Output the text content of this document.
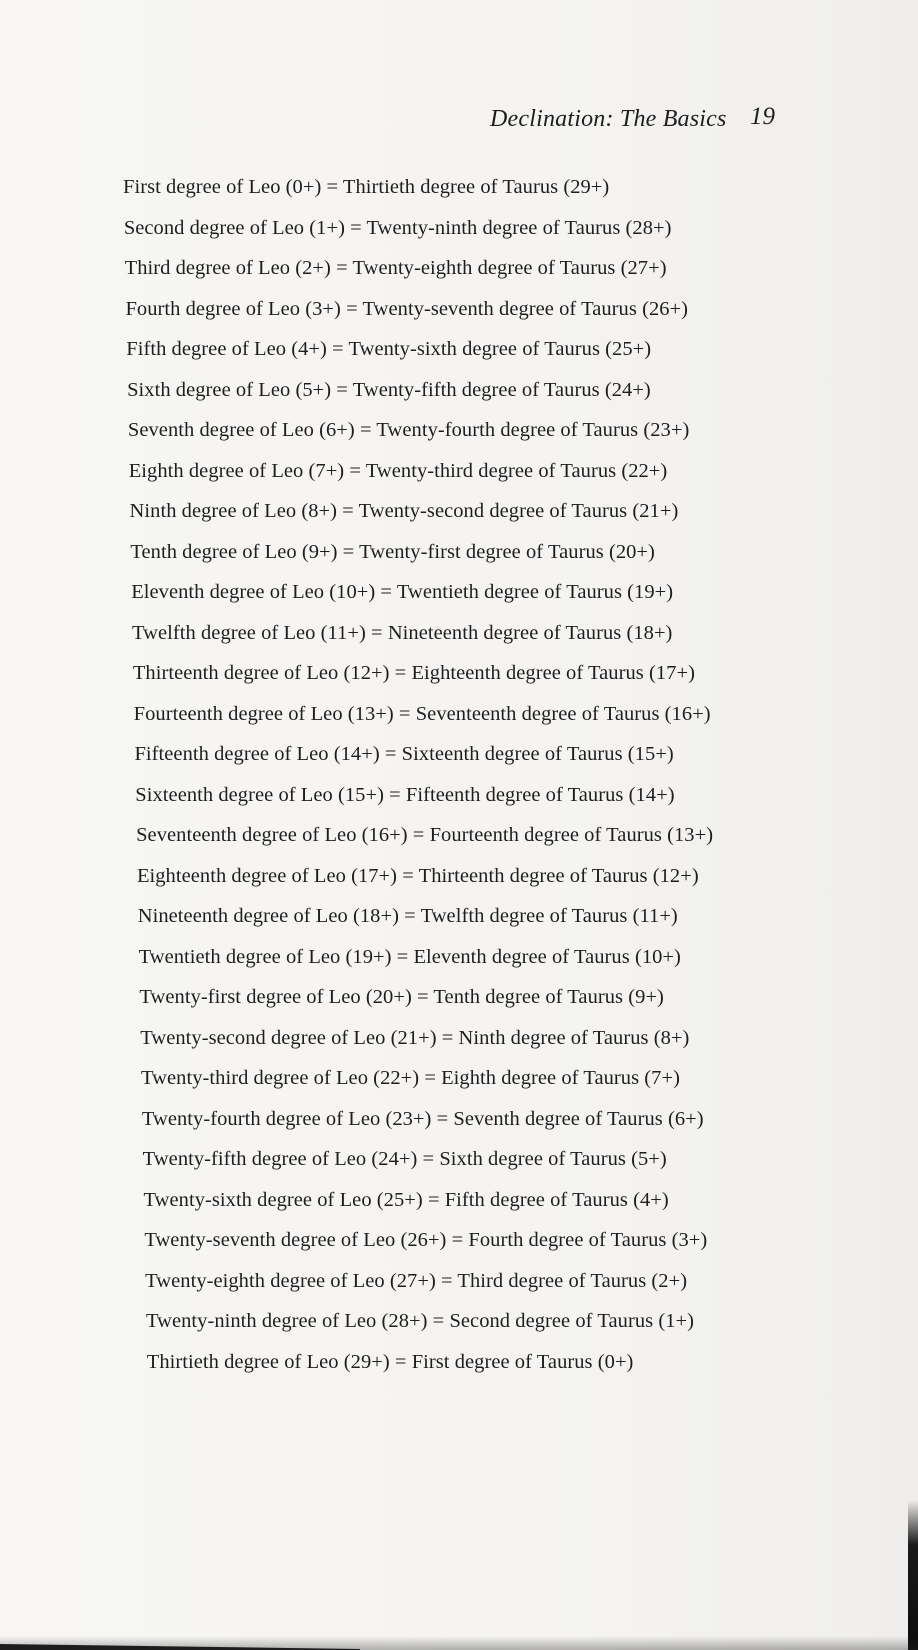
Declination: The Basics 19
First degree of Leo (0+) = Thirtieth degree of Taurus (29+)
Second degree of Leo (1+) = Twenty-ninth degree of Taurus (28+)
Third degree of Leo (2+) = Twenty-eighth degree of Taurus (27+)
Fourth degree of Leo (3+) = Twenty-seventh degree of Taurus (26+)
Fifth degree of Leo (4+) = Twenty-sixth degree of Taurus (25+)
Sixth degree of Leo (5+) = Twenty-fifth degree of Taurus (24+)
Seventh degree of Leo (6+) = Twenty-fourth degree of Taurus (23+)
Eighth degree of Leo (7+) = Twenty-third degree of Taurus (22+)
Ninth degree of Leo (8+) = Twenty-second degree of Taurus (21+)
Tenth degree of Leo (9+) = Twenty-first degree of Taurus (20+)
Eleventh degree of Leo (10+) = Twentieth degree of Taurus (19+)
Twelfth degree of Leo (11+) = Nineteenth degree of Taurus (18+)
Thirteenth degree of Leo (12+) = Eighteenth degree of Taurus (17+)
Fourteenth degree of Leo (13+) = Seventeenth degree of Taurus (16+)
Fifteenth degree of Leo (14+) = Sixteenth degree of Taurus (15+)
Sixteenth degree of Leo (15+) = Fifteenth degree of Taurus (14+)
Seventeenth degree of Leo (16+) = Fourteenth degree of Taurus (13+)
Eighteenth degree of Leo (17+) = Thirteenth degree of Taurus (12+)
Nineteenth degree of Leo (18+) = Twelfth degree of Taurus (11+)
Twentieth degree of Leo (19+) = Eleventh degree of Taurus (10+)
Twenty-first degree of Leo (20+) = Tenth degree of Taurus (9+)
Twenty-second degree of Leo (21+) = Ninth degree of Taurus (8+)
Twenty-third degree of Leo (22+) = Eighth degree of Taurus (7+)
Twenty-fourth degree of Leo (23+) = Seventh degree of Taurus (6+)
Twenty-fifth degree of Leo (24+) = Sixth degree of Taurus (5+)
Twenty-sixth degree of Leo (25+) = Fifth degree of Taurus (4+)
Twenty-seventh degree of Leo (26+) = Fourth degree of Taurus (3+)
Twenty-eighth degree of Leo (27+) = Third degree of Taurus (2+)
Twenty-ninth degree of Leo (28+) = Second degree of Taurus (1+)
Thirtieth degree of Leo (29+) = First degree of Taurus (0+)
